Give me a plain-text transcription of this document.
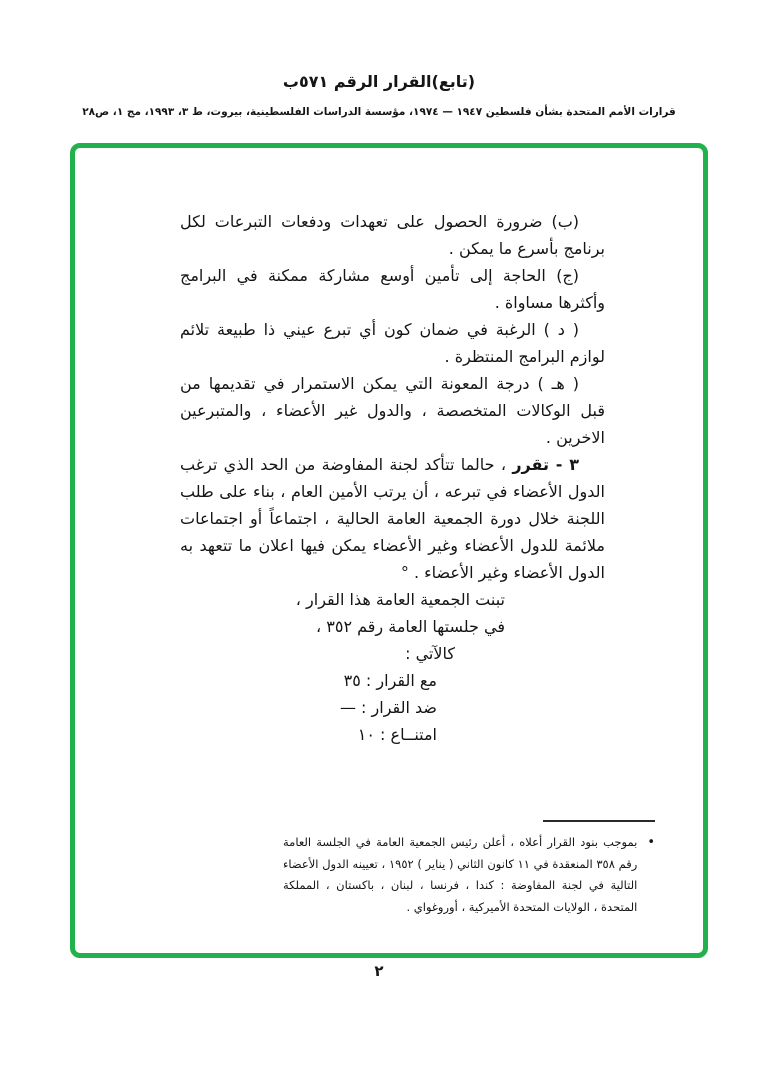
(تابع)القرار الرقم ٥٧١ب
قرارات الأمم المتحدة بشأن فلسطين ١٩٤٧ — ١٩٧٤، مؤسسة الدراسات الفلسطينية، بيروت، ط ٣، ١٩٩٣، مج ١، ص٢٨

(ب) ضرورة الحصول على تعهدات ودفعات التبرعات لكل برنامج بأسرع ما يمكن .

(ج) الحاجة إلى تأمين أوسع مشاركة ممكنة في البرامج وأكثرها مساواة .

( د ) الرغبة في ضمان كون أي تبرع عيني ذا طبيعة تلائم لوازم البرامج المنتظرة .

( هـ ) درجة المعونة التي يمكن الاستمرار في تقديمها من قبل الوكالات المتخصصة ، والدول غير الأعضاء ، والمتبرعين الاخرين .

٣ - تقرر ، حالما تتأكد لجنة المفاوضة من الحد الذي ترغب الدول الأعضاء في تبرعه ، أن يرتب الأمين العام ، بناء على طلب اللجنة خلال دورة الجمعية العامة الحالية ، اجتماعاً أو اجتماعات ملائمة للدول الأعضاء وغير الأعضاء يمكن فيها اعلان ما تتعهد به الدول الأعضاء وغير الأعضاء . °

تبنت الجمعية العامة هذا القرار ،
في جلستها العامة رقم ٣٥٢ ،
كالآتي :
مع القرار : ٣٥
ضد القرار : —
امتنــاع : ١٠
•

بموجب بنود القرار أعلاه ، أعلن رئيس الجمعية العامة في الجلسة العامة رقم ٣٥٨ المنعقدة في ١١ كانون الثاني ( يناير ) ١٩٥٢ ، تعيينه الدول الأعضاء التالية في لجنة المفاوضة : كندا ، فرنسا ، لبنان ، باكستان ، المملكة المتحدة ، الولايات المتحدة الأميركية ، أوروغواي .

٢
